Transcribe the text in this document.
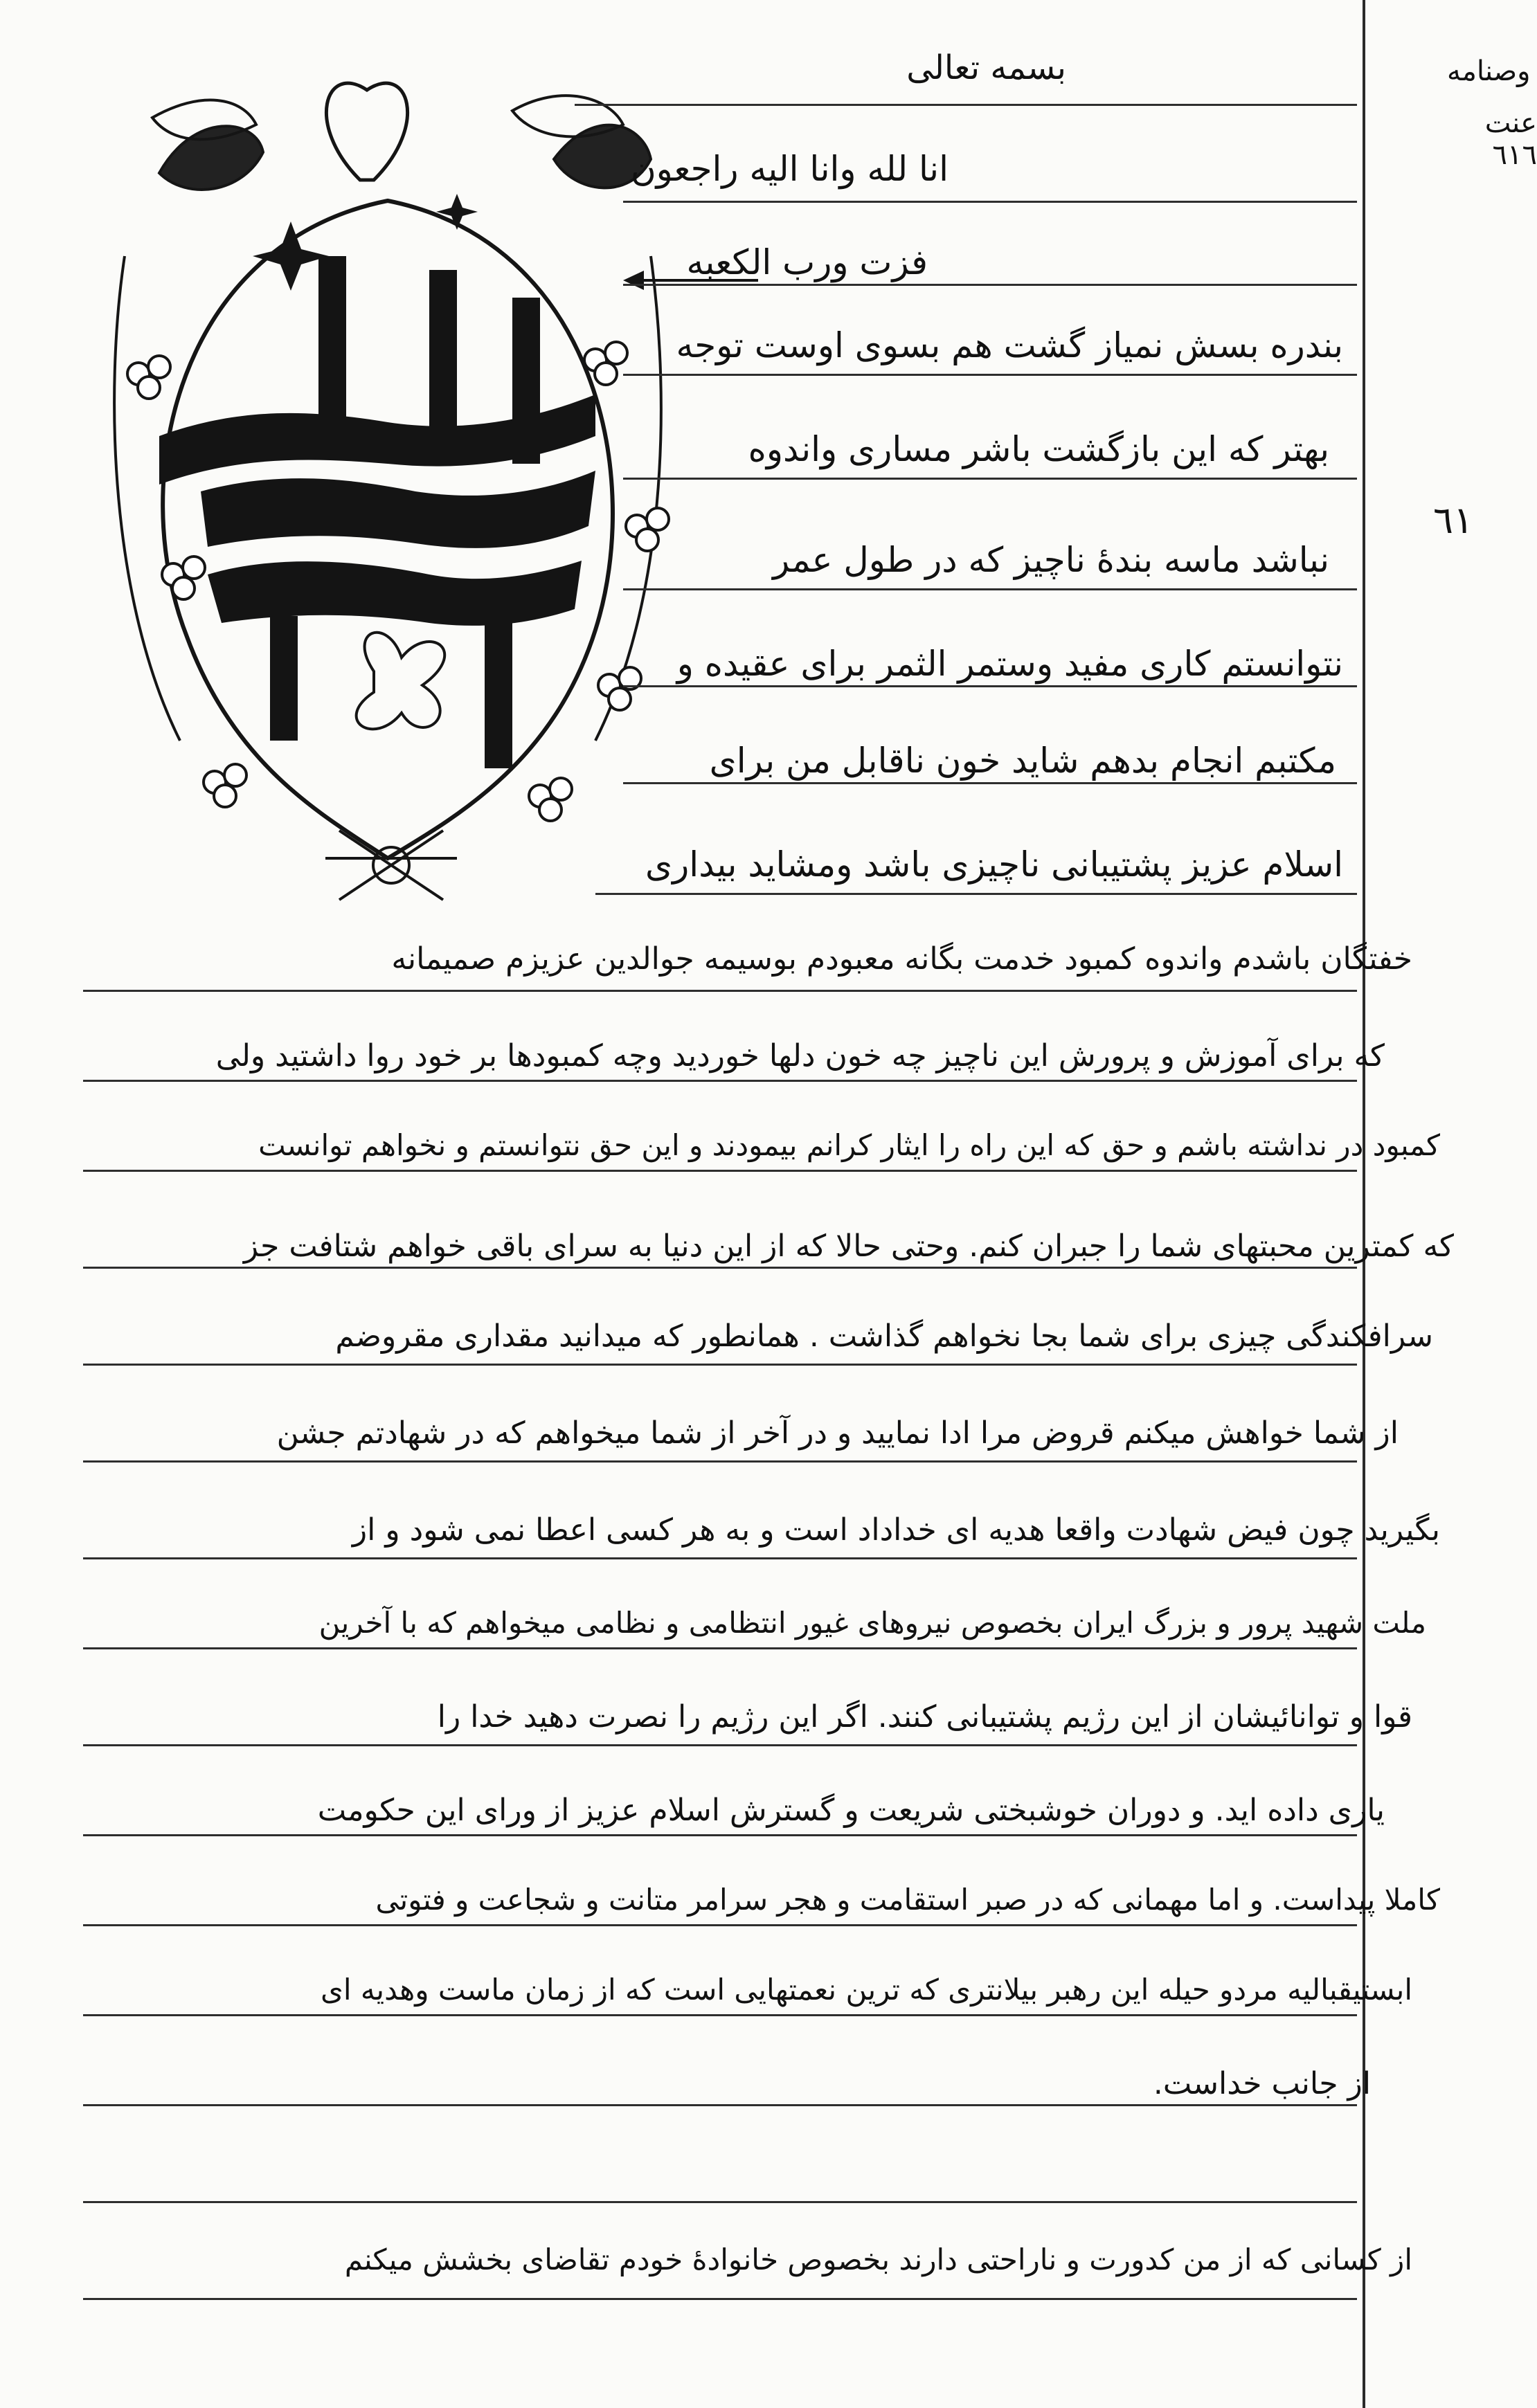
وصنامه
عنت ٦١٦
٦١
بسمه تعالی
انا لله وانا الیه راجعون
فزت ورب الکعبه
بندره بسش نمیاز گشت هم بسوی اوست توجه
بهتر که این بازگشت باشر مساری واندوه
نباشد ماسه بندهٔ ناچیز که در طول عمر
نتوانستم کاری مفید وستمر الثمر برای عقیده و
مکتبم انجام بدهم شاید خون ناقابل من برای
اسلام عزیز پشتیبانی ناچیزی باشد ومشاید بیداری
خفتگان باشدم واندوه کمبود خدمت بگانه معبودم بوسیمه جوالدین عزیزم صمیمانه
که برای آموزش و پرورش این ناچیز چه خون دلها خوردید وچه کمبودها بر خود روا داشتید ولی
کمبود در نداشته باشم و حق که این راه را ایثار کرانم بیمودند و این حق نتوانستم و نخواهم توانست
که کمترین محبتهای شما را جبران کنم. وحتی حالا که از این دنیا به سرای باقی خواهم شتافت جز
سرافکندگی چیزی برای شما بجا نخواهم گذاشت . همانطور که میدانید مقداری مقروضم
از شما خواهش میکنم قروض مرا ادا نمایید و در آخر از شما میخواهم که در شهادتم جشن
بگیرید چون فیض شهادت واقعا هدیه ای خداداد است و به هر کسی اعطا نمی شود و از
ملت شهید پرور و بزرگ ایران بخصوص نیروهای غیور انتظامی و نظامی میخواهم که با آخرین
قوا و توانائیشان از این رژیم پشتیبانی کنند. اگر این رژیم را نصرت دهید خدا را
یاری داده اید. و دوران خوشبختی شریعت و گسترش اسلام عزیز از ورای این حکومت
کاملا پیداست. و اما مهمانی که در صبر استقامت و هجر سرامر متانت و شجاعت و فتوتی
ابستیقبالیه مردو حیله این رهبر بیلانتری که ترین نعمتهایی است که از زمان ماست وهدیه ای
از جانب خداست.
از کسانی که از من کدورت و ناراحتی دارند بخصوص خانوادهٔ خودم تقاضای بخشش میکنم
